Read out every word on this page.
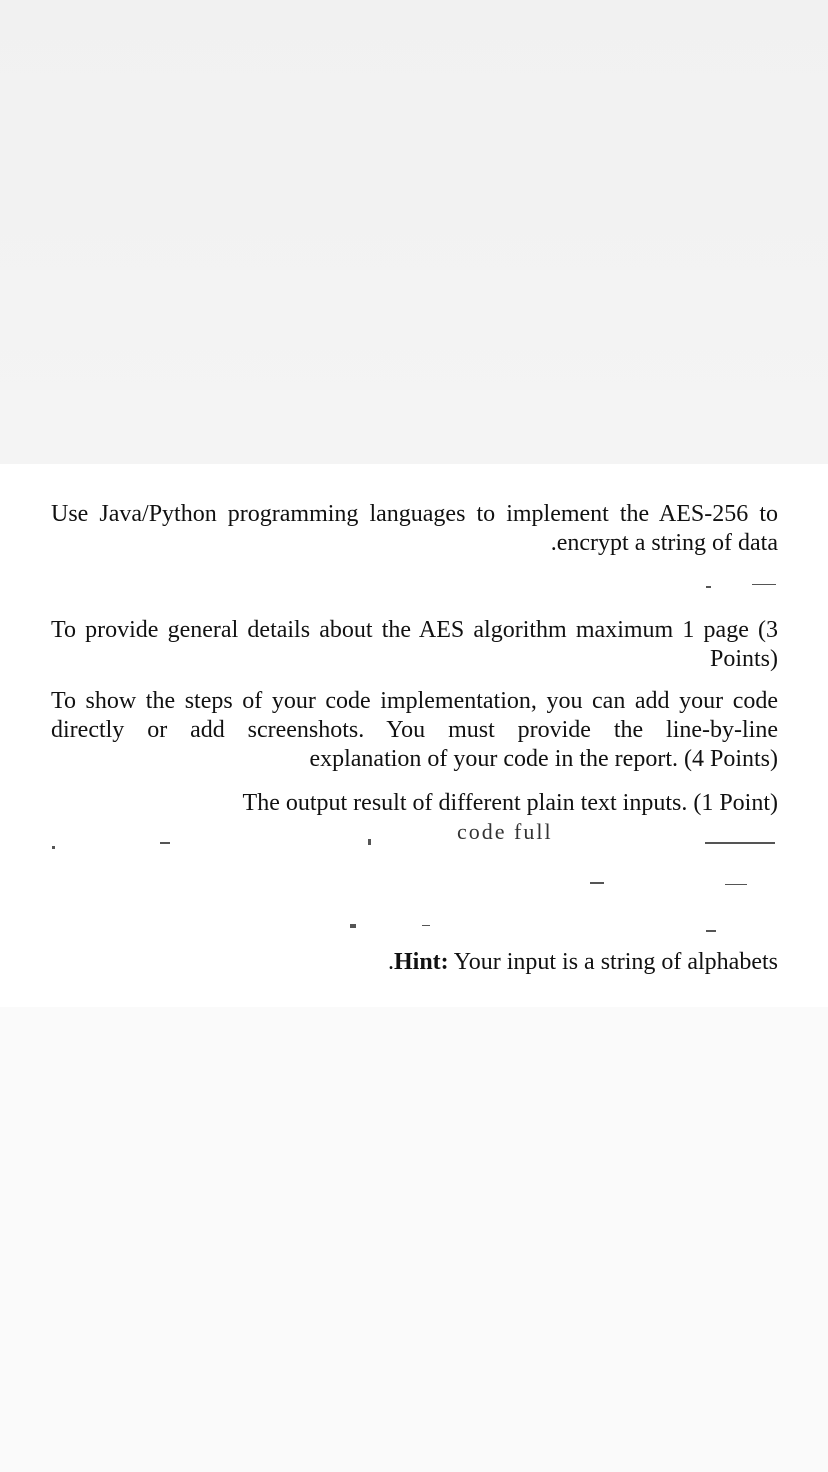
Use Java/Python programming languages to implement the AES-256 to
.encrypt a string of data
To provide general details about the AES algorithm maximum 1 page (3
Points)
To show the steps of your code implementation, you can add your code
directly or add screenshots. You must provide the line-by-line
explanation of your code in the report. (4 Points)
The output result of different plain text inputs. (1 Point)
code full
.Hint: Your input is a string of alphabets
